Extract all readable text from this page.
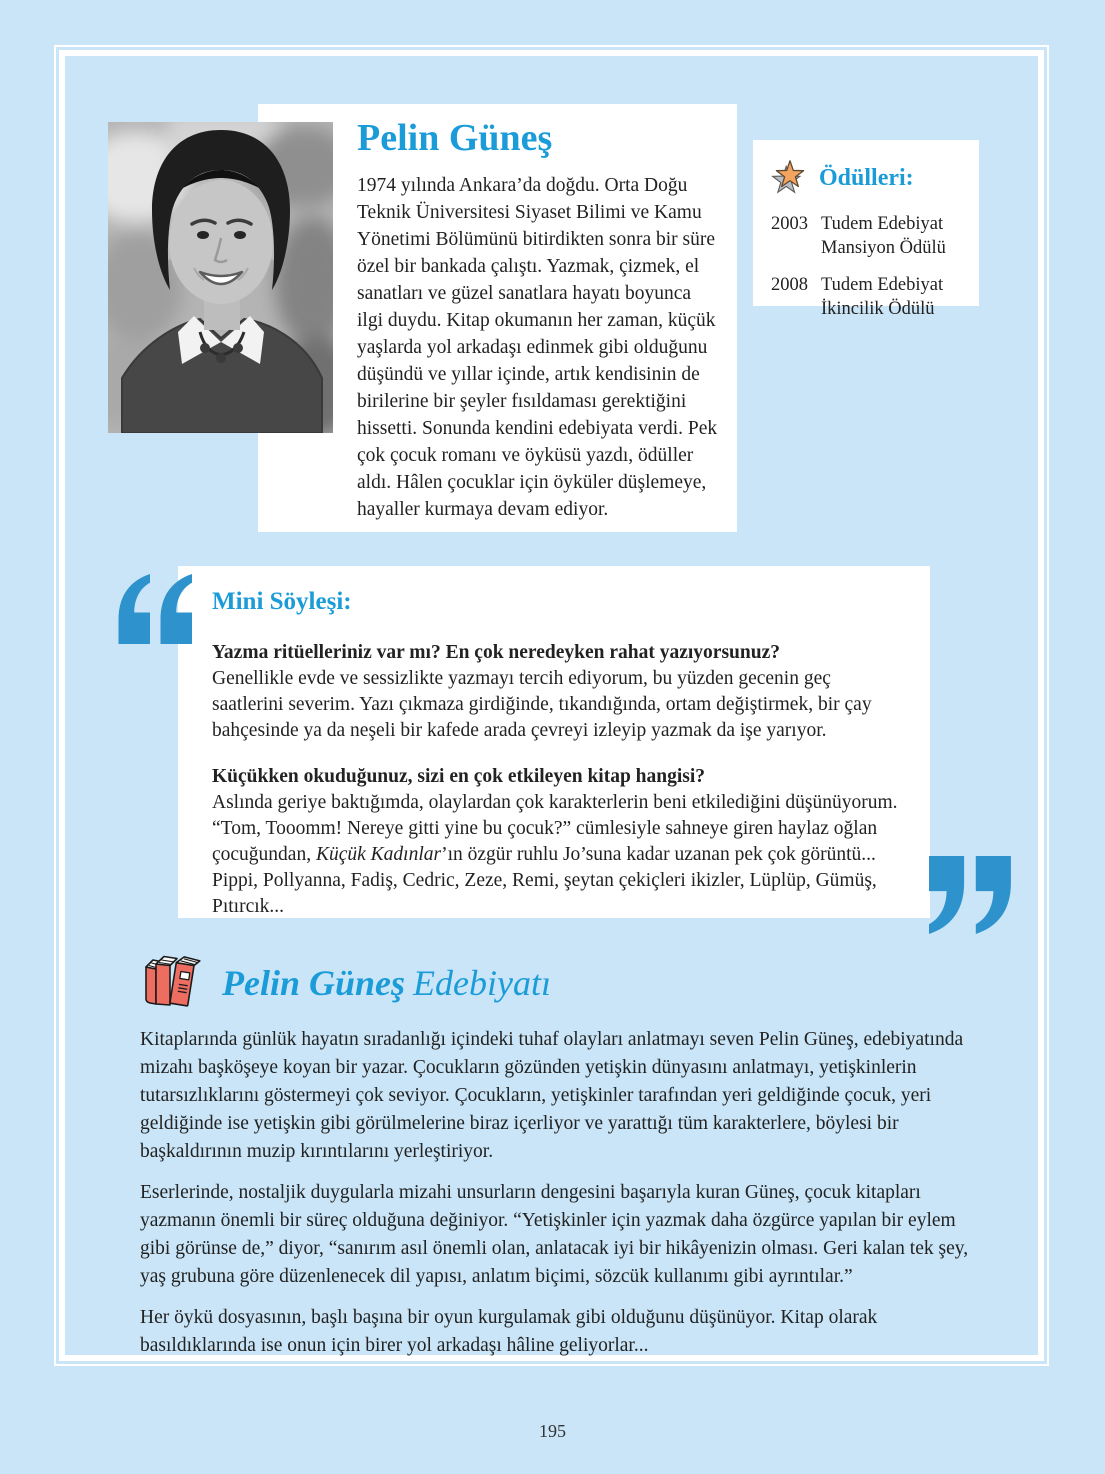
Pelin Güneş

1974 yılında Ankara’da doğdu. Orta Doğu Teknik Üniversitesi Siyaset Bilimi ve Kamu Yönetimi Bölümünü bitirdikten sonra bir süre özel bir bankada çalıştı. Yazmak, çizmek, el sanatları ve güzel sanatlara hayatı boyunca ilgi duydu. Kitap okumanın her zaman, küçük yaşlarda yol arkadaşı edinmek gibi olduğunu düşündü ve yıllar içinde, artık kendisinin de birilerine bir şeyler fısıldaması gerektiğini hissetti. Sonunda kendini edebiyata verdi. Pek çok çocuk romanı ve öyküsü yazdı, ödüller aldı. Hâlen çocuklar için öyküler düşlemeye, hayaller kurmaya devam ediyor.

Ödülleri:
2003 Tudem Edebiyat
Mansiyon Ödülü
2008 Tudem Edebiyat
İkincilik Ödülü
Mini Söyleşi:

Yazma ritüelleriniz var mı? En çok neredeyken rahat yazıyorsunuz?

Genellikle evde ve sessizlikte yazmayı tercih ediyorum, bu yüzden gecenin geç saatlerini severim. Yazı çıkmaza girdiğinde, tıkandığında, ortam değiştirmek, bir çay bahçesinde ya da neşeli bir kafede arada çevreyi izleyip yazmak da işe yarıyor.

Küçükken okuduğunuz, sizi en çok etkileyen kitap hangisi?

Aslında geriye baktığımda, olaylardan çok karakterlerin beni etkilediğini düşünüyorum. “Tom, Tooomm! Nereye gitti yine bu çocuk?” cümlesiyle sahneye giren haylaz oğlan çocuğundan, Küçük Kadınlar’ın özgür ruhlu Jo’suna kadar uzanan pek çok görüntü... Pippi, Pollyanna, Fadiş, Cedric, Zeze, Remi, şeytan çekiçleri ikizler, Lüplüp, Gümüş, Pıtırcık...

Pelin Güneş Edebiyatı

Kitaplarında günlük hayatın sıradanlığı içindeki tuhaf olayları anlatmayı seven Pelin Güneş, edebiyatında mizahı başköşeye koyan bir yazar. Çocukların gözünden yetişkin dünyasını anlatmayı, yetişkinlerin tutarsızlıklarını göstermeyi çok seviyor. Çocukların, yetişkinler tarafından yeri geldiğinde çocuk, yeri geldiğinde ise yetişkin gibi görülmelerine biraz içerliyor ve yarattığı tüm karakterlere, böylesi bir başkaldırının muzip kırıntılarını yerleştiriyor.

Eserlerinde, nostaljik duygularla mizahi unsurların dengesini başarıyla kuran Güneş, çocuk kitapları yazmanın önemli bir süreç olduğuna değiniyor. “Yetişkinler için yazmak daha özgürce yapılan bir eylem gibi görünse de,” diyor, “sanırım asıl önemli olan, anlatacak iyi bir hikâyenizin olması. Geri kalan tek şey, yaş grubuna göre düzenlenecek dil yapısı, anlatım biçimi, sözcük kullanımı gibi ayrıntılar.”

Her öykü dosyasının, başlı başına bir oyun kurgulamak gibi olduğunu düşünüyor. Kitap olarak basıldıklarında ise onun için birer yol arkadaşı hâline geliyorlar...

195
